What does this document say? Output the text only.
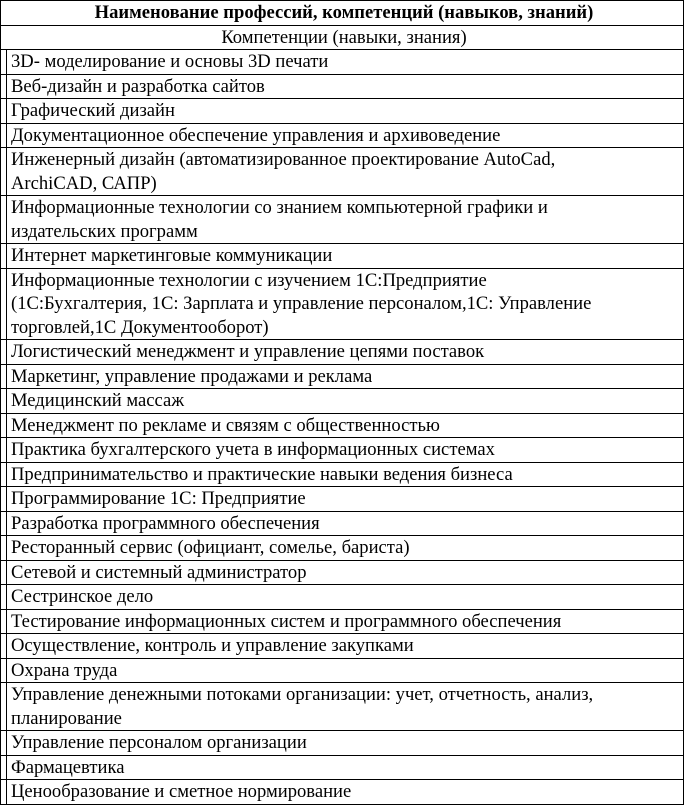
Наименование профессий, компетенций (навыков, знаний)	
Компетенции (навыки, знания)	
	3D- моделирование и основы 3D печати
	Веб-дизайн и разработка сайтов
	Графический дизайн
	Документационное обеспечение управления и архивоведение
	Инженерный дизайн (автоматизированное проектирование AutoCad,
ArchiCAD, САПР)
	Информационные технологии со знанием компьютерной графики и
издательских программ
	Интернет маркетинговые коммуникации
	Информационные технологии с изучением 1С:Предприятие
(1С:Бухгалтерия, 1С: Зарплата и управление персоналом,1С: Управление
торговлей,1С Документооборот)
	Логистический менеджмент и управление цепями поставок
	Маркетинг, управление продажами и реклама
	Медицинский массаж
	Менеджмент по рекламе и связям с общественностью
	Практика бухгалтерского учета в информационных системах
	Предпринимательство и практические навыки ведения бизнеса
	Программирование 1С: Предприятие
	Разработка программного обеспечения
	Ресторанный сервис (официант, сомелье, бариста)
	Сетевой и системный администратор
	Сестринское дело
	Тестирование информационных систем и программного обеспечения
	Осуществление, контроль и управление закупками
	Охрана труда
	Управление денежными потоками организации: учет, отчетность, анализ,
планирование
	Управление персоналом организации
	Фармацевтика
	Ценообразование и сметное нормирование
